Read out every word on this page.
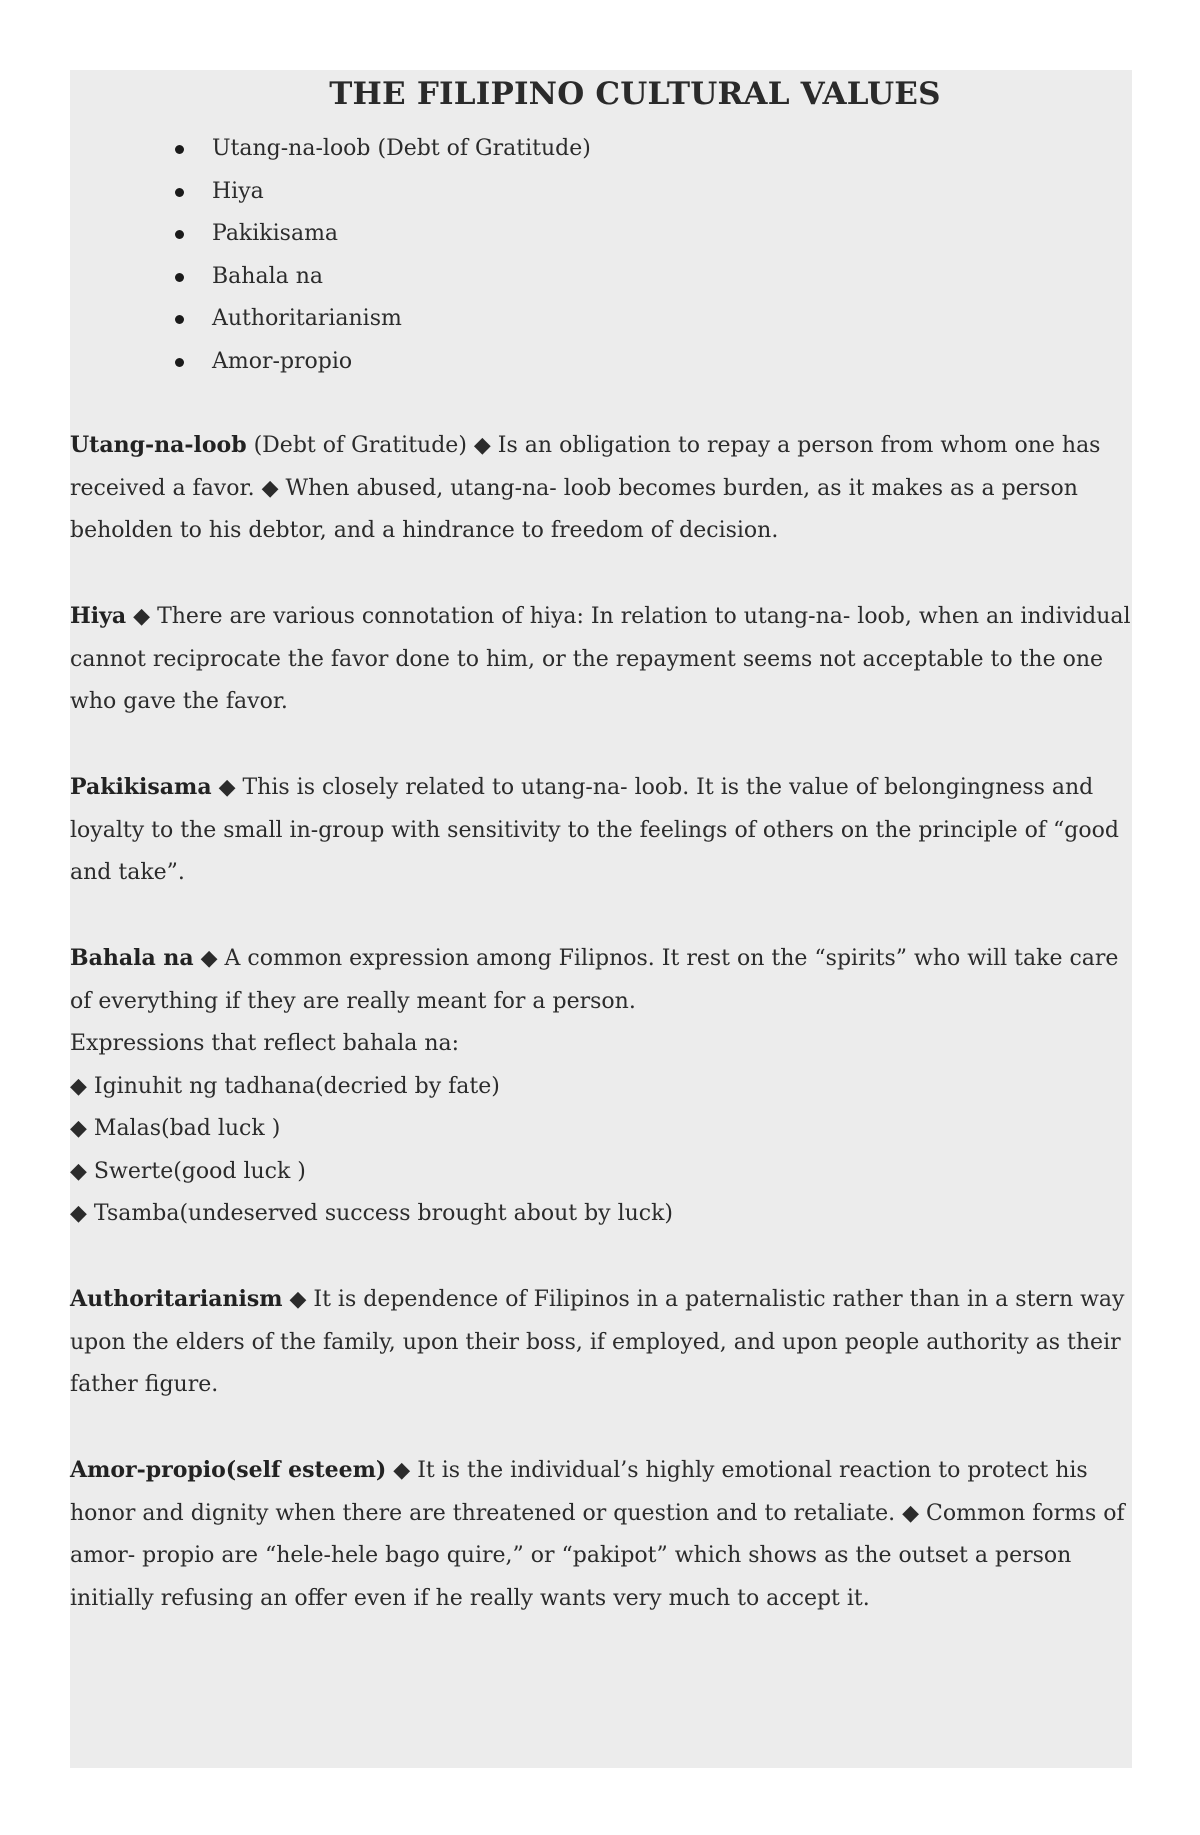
THE FILIPINO CULTURAL VALUES
Utang-na-loob (Debt of Gratitude)
Hiya
Pakikisama
Bahala na
Authoritarianism
Amor-propio

Utang-na-loob (Debt of Gratitude) ◆ Is an obligation to repay a person from whom one has received a favor. ◆ When abused, utang-na- loob becomes burden, as it makes as a person beholden to his debtor, and a hindrance to freedom of decision.

Hiya ◆ There are various connotation of hiya: In relation to utang-na- loob, when an individual cannot reciprocate the favor done to him, or the repayment seems not acceptable to the one who gave the favor.

Pakikisama ◆ This is closely related to utang-na- loob. It is the value of belongingness and loyalty to the small in-group with sensitivity to the feelings of others on the principle of “good and take”.

Bahala na ◆ A common expression among Filipnos. It rest on the “spirits” who will take care of everything if they are really meant for a person.

Expressions that reflect bahala na:

◆ Iginuhit ng tadhana(decried by fate)

◆ Malas(bad luck )

◆ Swerte(good luck )

◆ Tsamba(undeserved success brought about by luck)

Authoritarianism ◆ It is dependence of Filipinos in a paternalistic rather than in a stern way upon the elders of the family, upon their boss, if employed, and upon people authority as their father figure.

Amor-propio(self esteem) ◆ It is the individual’s highly emotional reaction to protect his honor and dignity when there are threatened or question and to retaliate. ◆ Common forms of amor- propio are “hele-hele bago quire,” or “pakipot” which shows as the outset a person initially refusing an offer even if he really wants very much to accept it.
